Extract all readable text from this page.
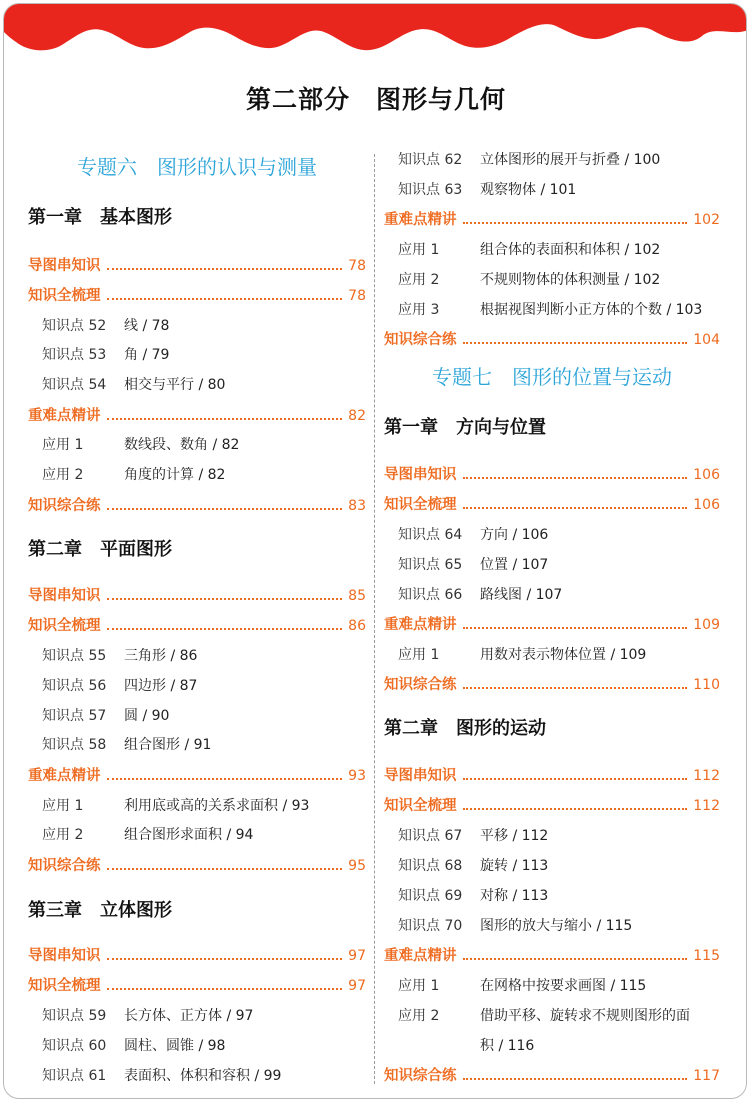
第二部分　图形与几何
专题六　图形的认识与测量
第一章　基本图形
导图串知识	78
知识全梳理	78
知识点 52 线 / 78
知识点 53 角 / 79
知识点 54 相交与平行 / 80
重难点精讲	82
应用 1	数线段、数角 / 82
应用 2	角度的计算 / 82
知识综合练	83
第二章　平面图形
导图串知识	85
知识全梳理	86
知识点 55 三角形 / 86
知识点 56 四边形 / 87
知识点 57 圆 / 90
知识点 58 组合图形 / 91
重难点精讲	93
应用 1	利用底或高的关系求面积 / 93
应用 2	组合图形求面积 / 94
知识综合练	95
第三章　立体图形
导图串知识	97
知识全梳理	97
知识点 59 长方体、正方体 / 97
知识点 60 圆柱、圆锥 / 98
知识点 61 表面积、体积和容积 / 99
知识点 62 立体图形的展开与折叠 / 100
知识点 63 观察物体 / 101
重难点精讲	102
应用 1	组合体的表面积和体积 / 102
应用 2	不规则物体的体积测量 / 102
应用 3	根据视图判断小正方体的个数 / 103
知识综合练	104
专题七　图形的位置与运动
第一章　方向与位置
导图串知识	106
知识全梳理	106
知识点 64 方向 / 106
知识点 65 位置 / 107
知识点 66 路线图 / 107
重难点精讲	109
应用 1	用数对表示物体位置 / 109
知识综合练	110
第二章　图形的运动
导图串知识	112
知识全梳理	112
知识点 67 平移 / 112
知识点 68 旋转 / 113
知识点 69 对称 / 113
知识点 70 图形的放大与缩小 / 115
重难点精讲	115
应用 1	在网格中按要求画图 / 115
应用 2	借助平移、旋转求不规则图形的面
积 / 116
知识综合练	117
